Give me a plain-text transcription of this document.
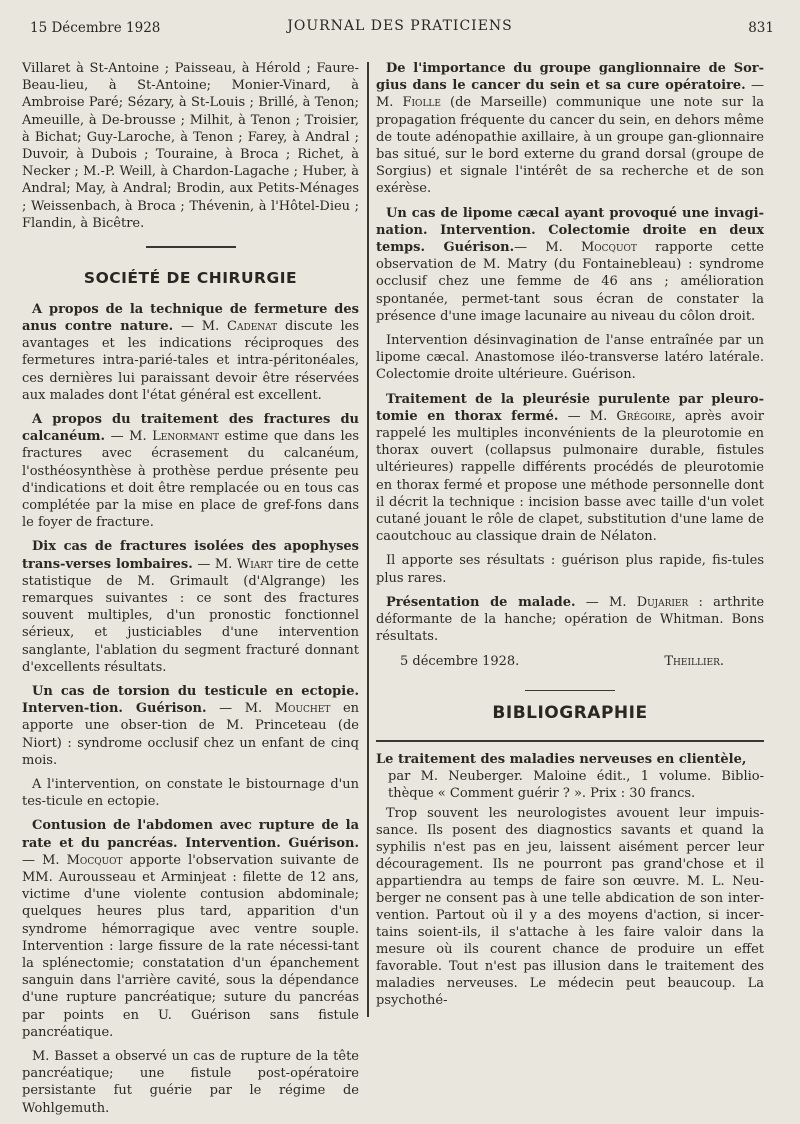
15 Décembre 1928	JOURNAL DES PRATICIENS	831

Villaret à St-Antoine ; Paisseau, à Hérold ; Faure-Beau-lieu, à St-Antoine; Monier-Vinard, à Ambroise Paré; Sézary, à St-Louis ; Brillé, à Tenon; Ameuille, à De-brousse ; Milhit, à Tenon ; Troisier, à Bichat; Guy-Laroche, à Tenon ; Farey, à Andral ; Duvoir, à Dubois ; Touraine, à Broca ; Richet, à Necker ; M.-P. Weill, à Chardon-Lagache ; Huber, à Andral; May, à Andral; Brodin, aux Petits-Ménages ; Weissenbach, à Broca ; Thévenin, à l'Hôtel-Dieu ; Flandin, à Bicêtre.

SOCIÉTÉ DE CHIRURGIE

A propos de la technique de fermeture des anus contre nature. — M. Cadenat discute les avantages et les indications réciproques des fermetures intra-parié-tales et intra-péritonéales, ces dernières lui paraissant devoir être réservées aux malades dont l'état général est excellent.

A propos du traitement des fractures du calcanéum. — M. Lenormant estime que dans les fractures avec écrasement du calcanéum, l'osthéosynthèse à prothèse perdue présente peu d'indications et doit être remplacée ou en tous cas complétée par la mise en place de gref-fons dans le foyer de fracture.

Dix cas de fractures isolées des apophyses trans-verses lombaires. — M. Wiart tire de cette statistique de M. Grimault (d'Algrange) les remarques suivantes : ce sont des fractures souvent multiples, d'un pronostic fonctionnel sérieux, et justiciables d'une intervention sanglante, l'ablation du segment fracturé donnant d'excellents résultats.

Un cas de torsion du testicule en ectopie. Interven-tion. Guérison. — M. Mouchet en apporte une obser-tion de M. Princeteau (de Niort) : syndrome occlusif chez un enfant de cinq mois.

A l'intervention, on constate le bistournage d'un tes-ticule en ectopie.

Contusion de l'abdomen avec rupture de la rate et du pancréas. Intervention. Guérison. — M. Mocquot apporte l'observation suivante de MM. Aurousseau et Arminjeat : filette de 12 ans, victime d'une violente contusion abdominale; quelques heures plus tard, apparition d'un syndrome hémorragique avec ventre souple. Intervention : large fissure de la rate nécessi-tant la splénectomie; constatation d'un épanchement sanguin dans l'arrière cavité, sous la dépendance d'une rupture pancréatique; suture du pancréas par points en U. Guérison sans fistule pancréatique.

M. Basset a observé un cas de rupture de la tête pancréatique; une fistule post-opératoire persistante fut guérie par le régime de Wohlgemuth.

De l'importance du groupe ganglionnaire de Sor-gius dans le cancer du sein et sa cure opératoire. — M. Fiolle (de Marseille) communique une note sur la propagation fréquente du cancer du sein, en dehors même de toute adénopathie axillaire, à un groupe gan-glionnaire bas situé, sur le bord externe du grand dorsal (groupe de Sorgius) et signale l'intérêt de sa recherche et de son exérèse.

Un cas de lipome cæcal ayant provoqué une invagi-nation. Intervention. Colectomie droite en deux temps. Guérison.— M. Mocquot rapporte cette observation de M. Matry (du Fontainebleau) : syndrome occlusif chez une femme de 46 ans ; amélioration spontanée, permet-tant sous écran de constater la présence d'une image lacunaire au niveau du côlon droit.

Intervention désinvagination de l'anse entraînée par un lipome cæcal. Anastomose iléo-transverse latéro latérale. Colectomie droite ultérieure. Guérison.

Traitement de la pleurésie purulente par pleuro-tomie en thorax fermé. — M. Grégoire, après avoir rappelé les multiples inconvénients de la pleurotomie en thorax ouvert (collapsus pulmonaire durable, fistules ultérieures) rappelle différents procédés de pleurotomie en thorax fermé et propose une méthode personnelle dont il décrit la technique : incision basse avec taille d'un volet cutané jouant le rôle de clapet, substitution d'une lame de caoutchouc au classique drain de Nélaton.

Il apporte ses résultats : guérison plus rapide, fis-tules plus rares.

Présentation de malade. — M. Dujarier : arthrite déformante de la hanche; opération de Whitman. Bons résultats.

5 décembre 1928.	Theillier.
BIBLIOGRAPHIE

Le traitement des maladies nerveuses en clientèle,

par M. Neuberger. Maloine édit., 1 volume. Biblio-thèque « Comment guérir ? ». Prix : 30 francs.

Trop souvent les neurologistes avouent leur impuis-sance. Ils posent des diagnostics savants et quand la syphilis n'est pas en jeu, laissent aisément percer leur découragement. Ils ne pourront pas grand'chose et il appartiendra au temps de faire son œuvre. M. L. Neu-berger ne consent pas à une telle abdication de son inter-vention. Partout où il y a des moyens d'action, si incer-tains soient-ils, il s'attache à les faire valoir dans la mesure où ils courent chance de produire un effet favorable. Tout n'est pas illusion dans le traitement des maladies nerveuses. Le médecin peut beaucoup. La psychothé-
